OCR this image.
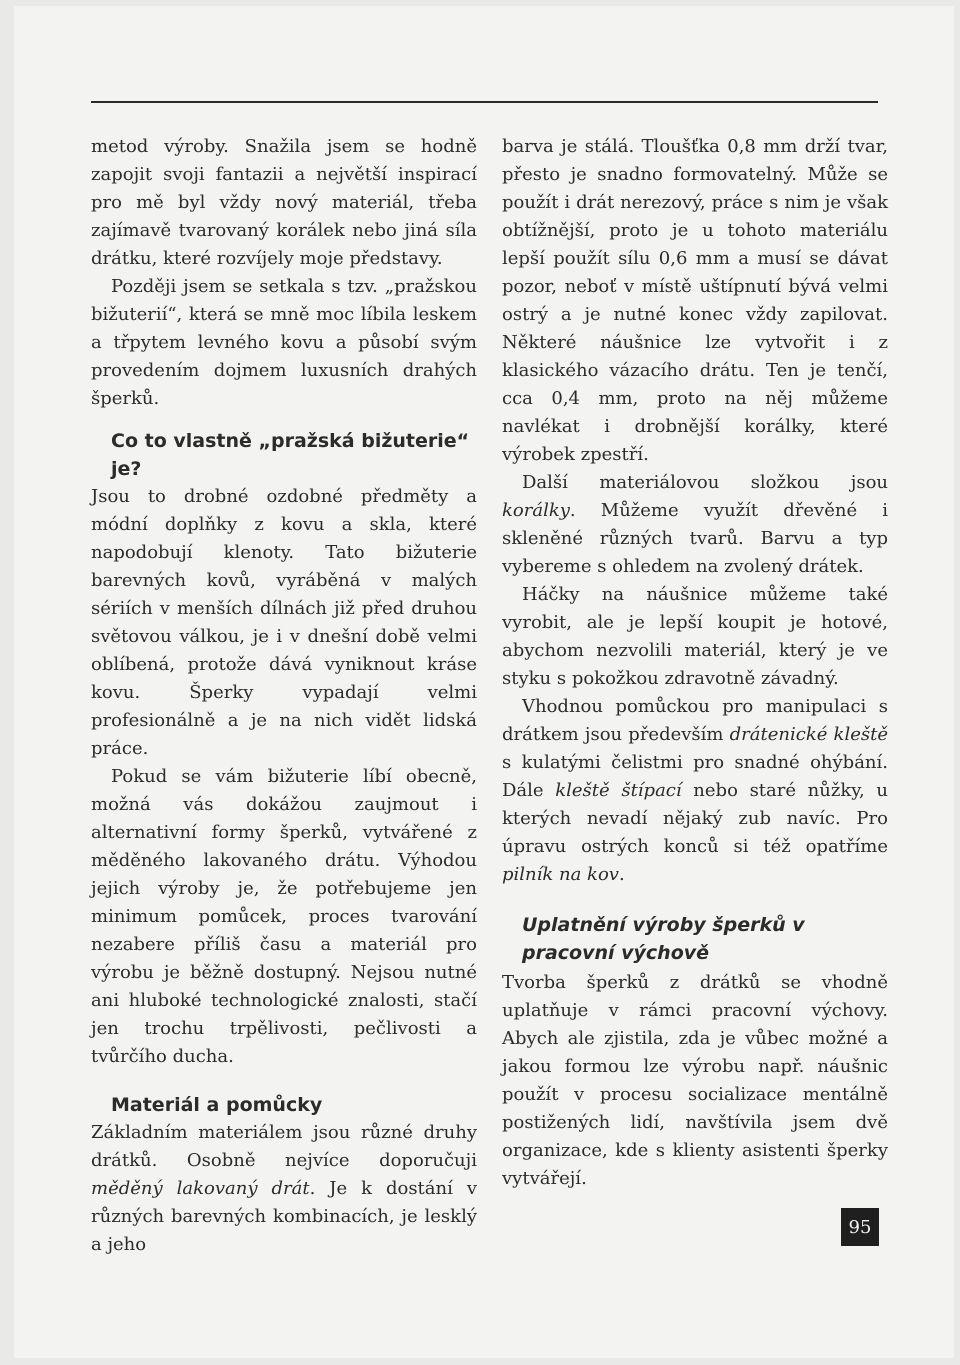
metod výroby. Snažila jsem se hodně zapojit svoji fantazii a největší inspirací pro mě byl vždy nový materiál, třeba zajímavě tvarovaný korálek nebo jiná síla drátku, které rozvíjely moje představy.

Později jsem se setkala s tzv. „pražskou bižuterií“, která se mně moc líbila leskem a třpytem levného kovu a působí svým provedením dojmem luxusních drahých šperků.

Co to vlastně „pražská bižuterie“ je?

Jsou to drobné ozdobné předměty a módní doplňky z kovu a skla, které napodobují klenoty. Tato bižuterie barevných kovů, vyráběná v malých sériích v menších dílnách již před druhou světovou válkou, je i v dnešní době velmi oblíbená, protože dává vyniknout kráse kovu. Šperky vypadají velmi profesionálně a je na nich vidět lidská práce.

Pokud se vám bižuterie líbí obecně, možná vás dokážou zaujmout i alternativní formy šperků, vytvářené z měděného lakovaného drátu. Výhodou jejich výroby je, že potřebujeme jen minimum pomůcek, proces tvarování nezabere příliš času a materiál pro výrobu je běžně dostupný. Nejsou nutné ani hluboké technologické znalosti, stačí jen trochu trpělivosti, pečlivosti a tvůrčího ducha.

Materiál a pomůcky

Základním materiálem jsou různé druhy drátků. Osobně nejvíce doporučuji měděný lakovaný drát. Je k dostání v různých barevných kombinacích, je lesklý a jeho

barva je stálá. Tloušťka 0,8 mm drží tvar, přesto je snadno formovatelný. Může se použít i drát nerezový, práce s nim je však obtížnější, proto je u tohoto materiálu lepší použít sílu 0,6 mm a musí se dávat pozor, neboť v místě uštípnutí bývá velmi ostrý a je nutné konec vždy zapilovat. Některé náušnice lze vytvořit i z klasického vázacího drátu. Ten je tenčí, cca 0,4 mm, proto na něj můžeme navlékat i drobnější korálky, které výrobek zpestří.

Další materiálovou složkou jsou korálky. Můžeme využít dřevěné i skleněné různých tvarů. Barvu a typ vybereme s ohledem na zvolený drátek.

Háčky na náušnice můžeme také vyrobit, ale je lepší koupit je hotové, abychom nezvolili materiál, který je ve styku s pokožkou zdravotně závadný.

Vhodnou pomůckou pro manipulaci s drátkem jsou především drátenické kleště s kulatými čelistmi pro snadné ohýbání. Dále kleště štípací nebo staré nůžky, u kterých nevadí nějaký zub navíc. Pro úpravu ostrých konců si též opatříme pilník na kov.

Uplatnění výroby šperků v pracovní výchově

Tvorba šperků z drátků se vhodně uplatňuje v rámci pracovní výchovy. Abych ale zjistila, zda je vůbec možné a jakou formou lze výrobu např. náušnic použít v procesu socializace mentálně postižených lidí, navštívila jsem dvě organizace, kde s klienty asistenti šperky vytvářejí.

95
